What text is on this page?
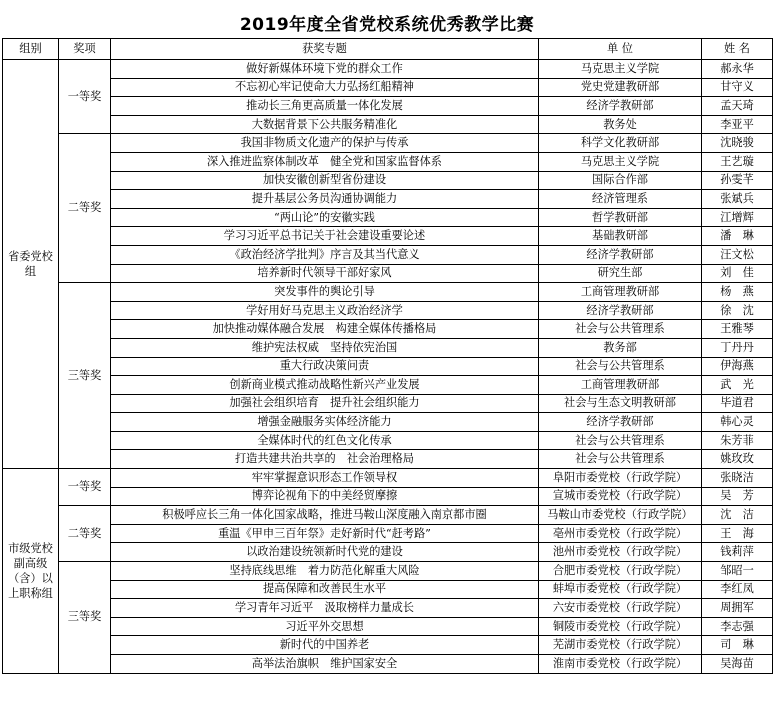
2019年度全省党校系统优秀教学比赛
组别	奖项	获奖专题	单 位	姓 名
省委党校组	一等奖	做好新媒体环境下党的群众工作	马克思主义学院	郝永华
		不忘初心牢记使命大力弘扬红船精神	党史党建教研部	甘守义
		推动长三角更高质量一体化发展	经济学教研部	孟天琦
		大数据背景下公共服务精准化	教务处	李亚平
	二等奖	我国非物质文化遗产的保护与传承	科学文化教研部	沈晓骏
		深入推进监察体制改革　健全党和国家监督体系	马克思主义学院	王艺璇
		加快安徽创新型省份建设	国际合作部	孙雯芊
		提升基层公务员沟通协调能力	经济管理系	张斌兵
		“两山论”的安徽实践	哲学教研部	江增辉
		学习习近平总书记关于社会建设重要论述	基础教研部	潘　琳
		《政治经济学批判》序言及其当代意义	经济学教研部	汪文松
		培养新时代领导干部好家风	研究生部	刘　佳
	三等奖	突发事件的舆论引导	工商管理教研部	杨　燕
		学好用好马克思主义政治经济学	经济学教研部	徐　沈
		加快推动媒体融合发展　构建全媒体传播格局	社会与公共管理系	王雅琴
		维护宪法权威　坚持依宪治国	教务部	丁丹丹
		重大行政决策问责	社会与公共管理系	伊海燕
		创新商业模式推动战略性新兴产业发展	工商管理教研部	武　光
		加强社会组织培育　提升社会组织能力	社会与生态文明教研部	毕道君
		增强金融服务实体经济能力	经济学教研部	韩心灵
		全媒体时代的红色文化传承	社会与公共管理系	朱芳菲
		打造共建共治共享的　社会治理格局	社会与公共管理系	姚玫玫
市级党校副高级（含）以上职称组	一等奖	牢牢掌握意识形态工作领导权	阜阳市委党校（行政学院）	张晓洁
		博弈论视角下的中美经贸摩擦	宣城市委党校（行政学院）	吴　芳
	二等奖	积极呼应长三角一体化国家战略，推进马鞍山深度融入南京都市圈	马鞍山市委党校（行政学院）	沈　洁
		重温《甲申三百年祭》走好新时代“赶考路”	亳州市委党校（行政学院）	王　海
		以政治建设统领新时代党的建设	池州市委党校（行政学院）	钱莉萍
	三等奖	坚持底线思维　着力防范化解重大风险	合肥市委党校（行政学院）	邹昭一
		提高保障和改善民生水平	蚌埠市委党校（行政学院）	李红凤
		学习青年习近平　汲取榜样力量成长	六安市委党校（行政学院）	周拥军
		习近平外交思想	铜陵市委党校（行政学院）	李志强
		新时代的中国养老	芜湖市委党校（行政学院）	司　琳
		高举法治旗帜　维护国家安全	淮南市委党校（行政学院）	吴海苗
